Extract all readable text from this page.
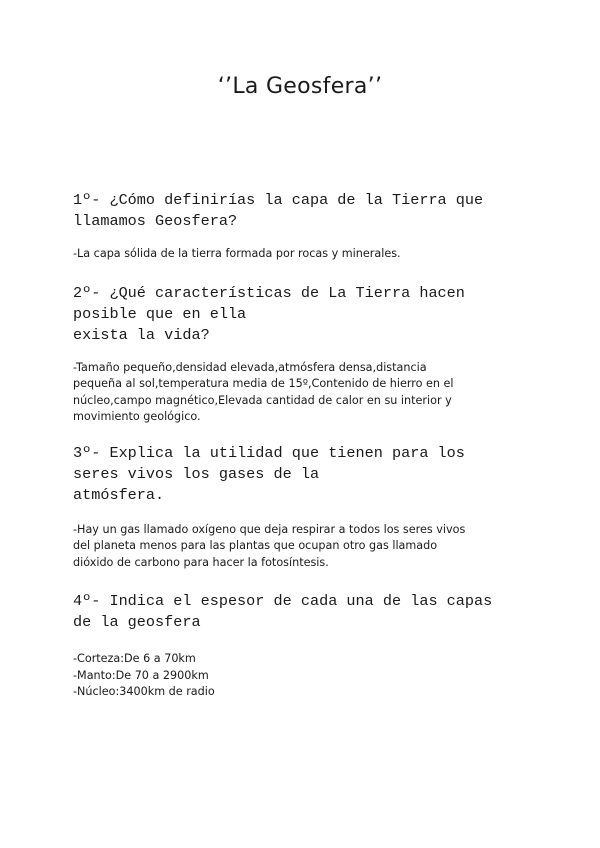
‘’La Geosfera’’

1º- ¿Cómo definirías la capa de la Tierra que
llamamos Geosfera?

-La capa sólida de la tierra formada por rocas y minerales.

2º- ¿Qué características de La Tierra hacen
posible que en ella
exista la vida?

-Tamaño pequeño,densidad elevada,atmósfera densa,distancia
pequeña al sol,temperatura media de 15º,Contenido de hierro en el
núcleo,campo magnético,Elevada cantidad de calor en su interior y
movimiento geológico.

3º- Explica la utilidad que tienen para los
seres vivos los gases de la
atmósfera.

-Hay un gas llamado oxígeno que deja respirar a todos los seres vivos
del planeta menos para las plantas que ocupan otro gas llamado
dióxido de carbono para hacer la fotosíntesis.

4º- Indica el espesor de cada una de las capas
de la geosfera

-Corteza:De 6 a 70km
-Manto:De 70 a 2900km
-Núcleo:3400km de radio
